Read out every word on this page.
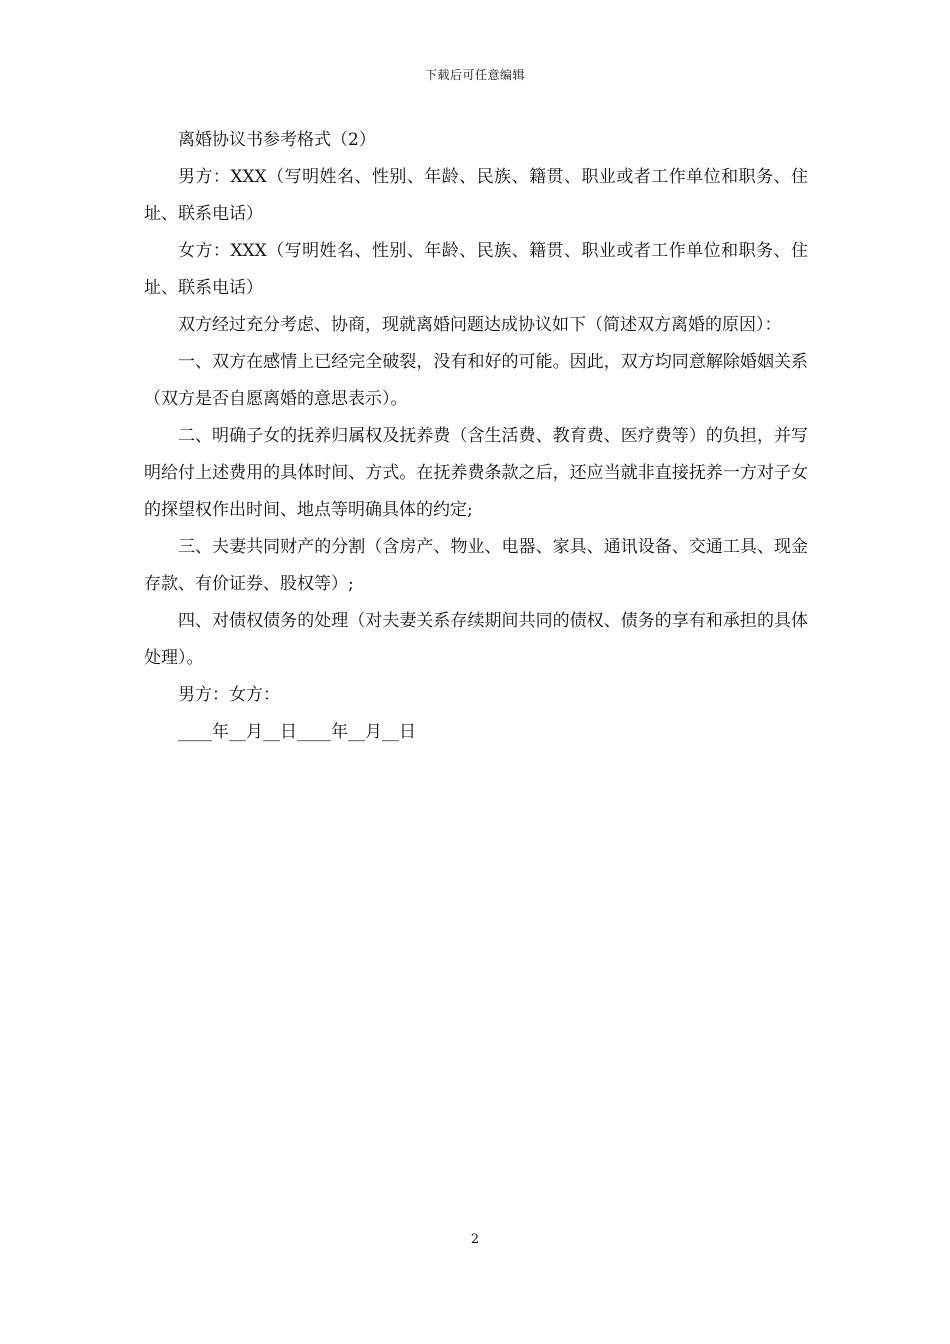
下载后可任意编辑

离婚协议书参考格式（2）

男方：XXX（写明姓名、性别、年龄、民族、籍贯、职业或者工作单位和职务、住址、联系电话）

女方：XXX（写明姓名、性别、年龄、民族、籍贯、职业或者工作单位和职务、住址、联系电话）

双方经过充分考虑、协商，现就离婚问题达成协议如下（简述双方离婚的原因）：

一、双方在感情上已经完全破裂，没有和好的可能。因此，双方均同意解除婚姻关系（双方是否自愿离婚的意思表示）。

二、明确子女的抚养归属权及抚养费（含生活费、教育费、医疗费等）的负担，并写明给付上述费用的具体时间、方式。在抚养费条款之后，还应当就非直接抚养一方对子女的探望权作出时间、地点等明确具体的约定;

三、夫妻共同财产的分割（含房产、物业、电器、家具、通讯设备、交通工具、现金存款、有价证券、股权等）;

四、对债权债务的处理（对夫妻关系存续期间共同的债权、债务的享有和承担的具体处理）。

男方：女方：

____年__月__日____年__月__日

2
